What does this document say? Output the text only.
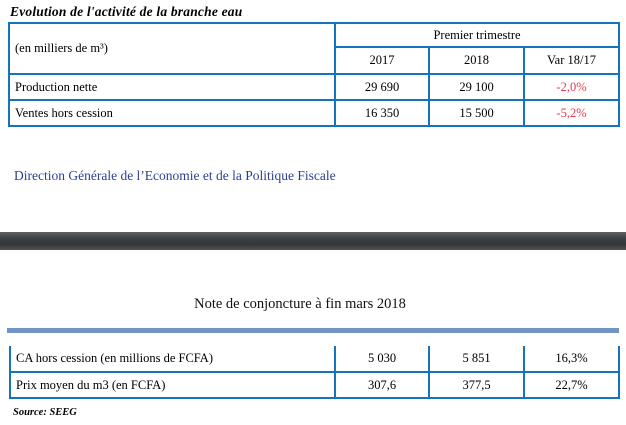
Evolution de l'activité de la branche eau
(en milliers de m³)	Premier trimestre		
	2017	2018	Var 18/17
Production nette	29 690	29 100	-2,0%
Ventes hors cession	16 350	15 500	-5,2%
Direction Générale de l’Economie et de la Politique Fiscale
Note de conjoncture à fin mars 2018
CA hors cession (en millions de FCFA)	5 030	5 851	16,3%
Prix moyen du m3 (en FCFA)	307,6	377,5	22,7%
Source: SEEG
